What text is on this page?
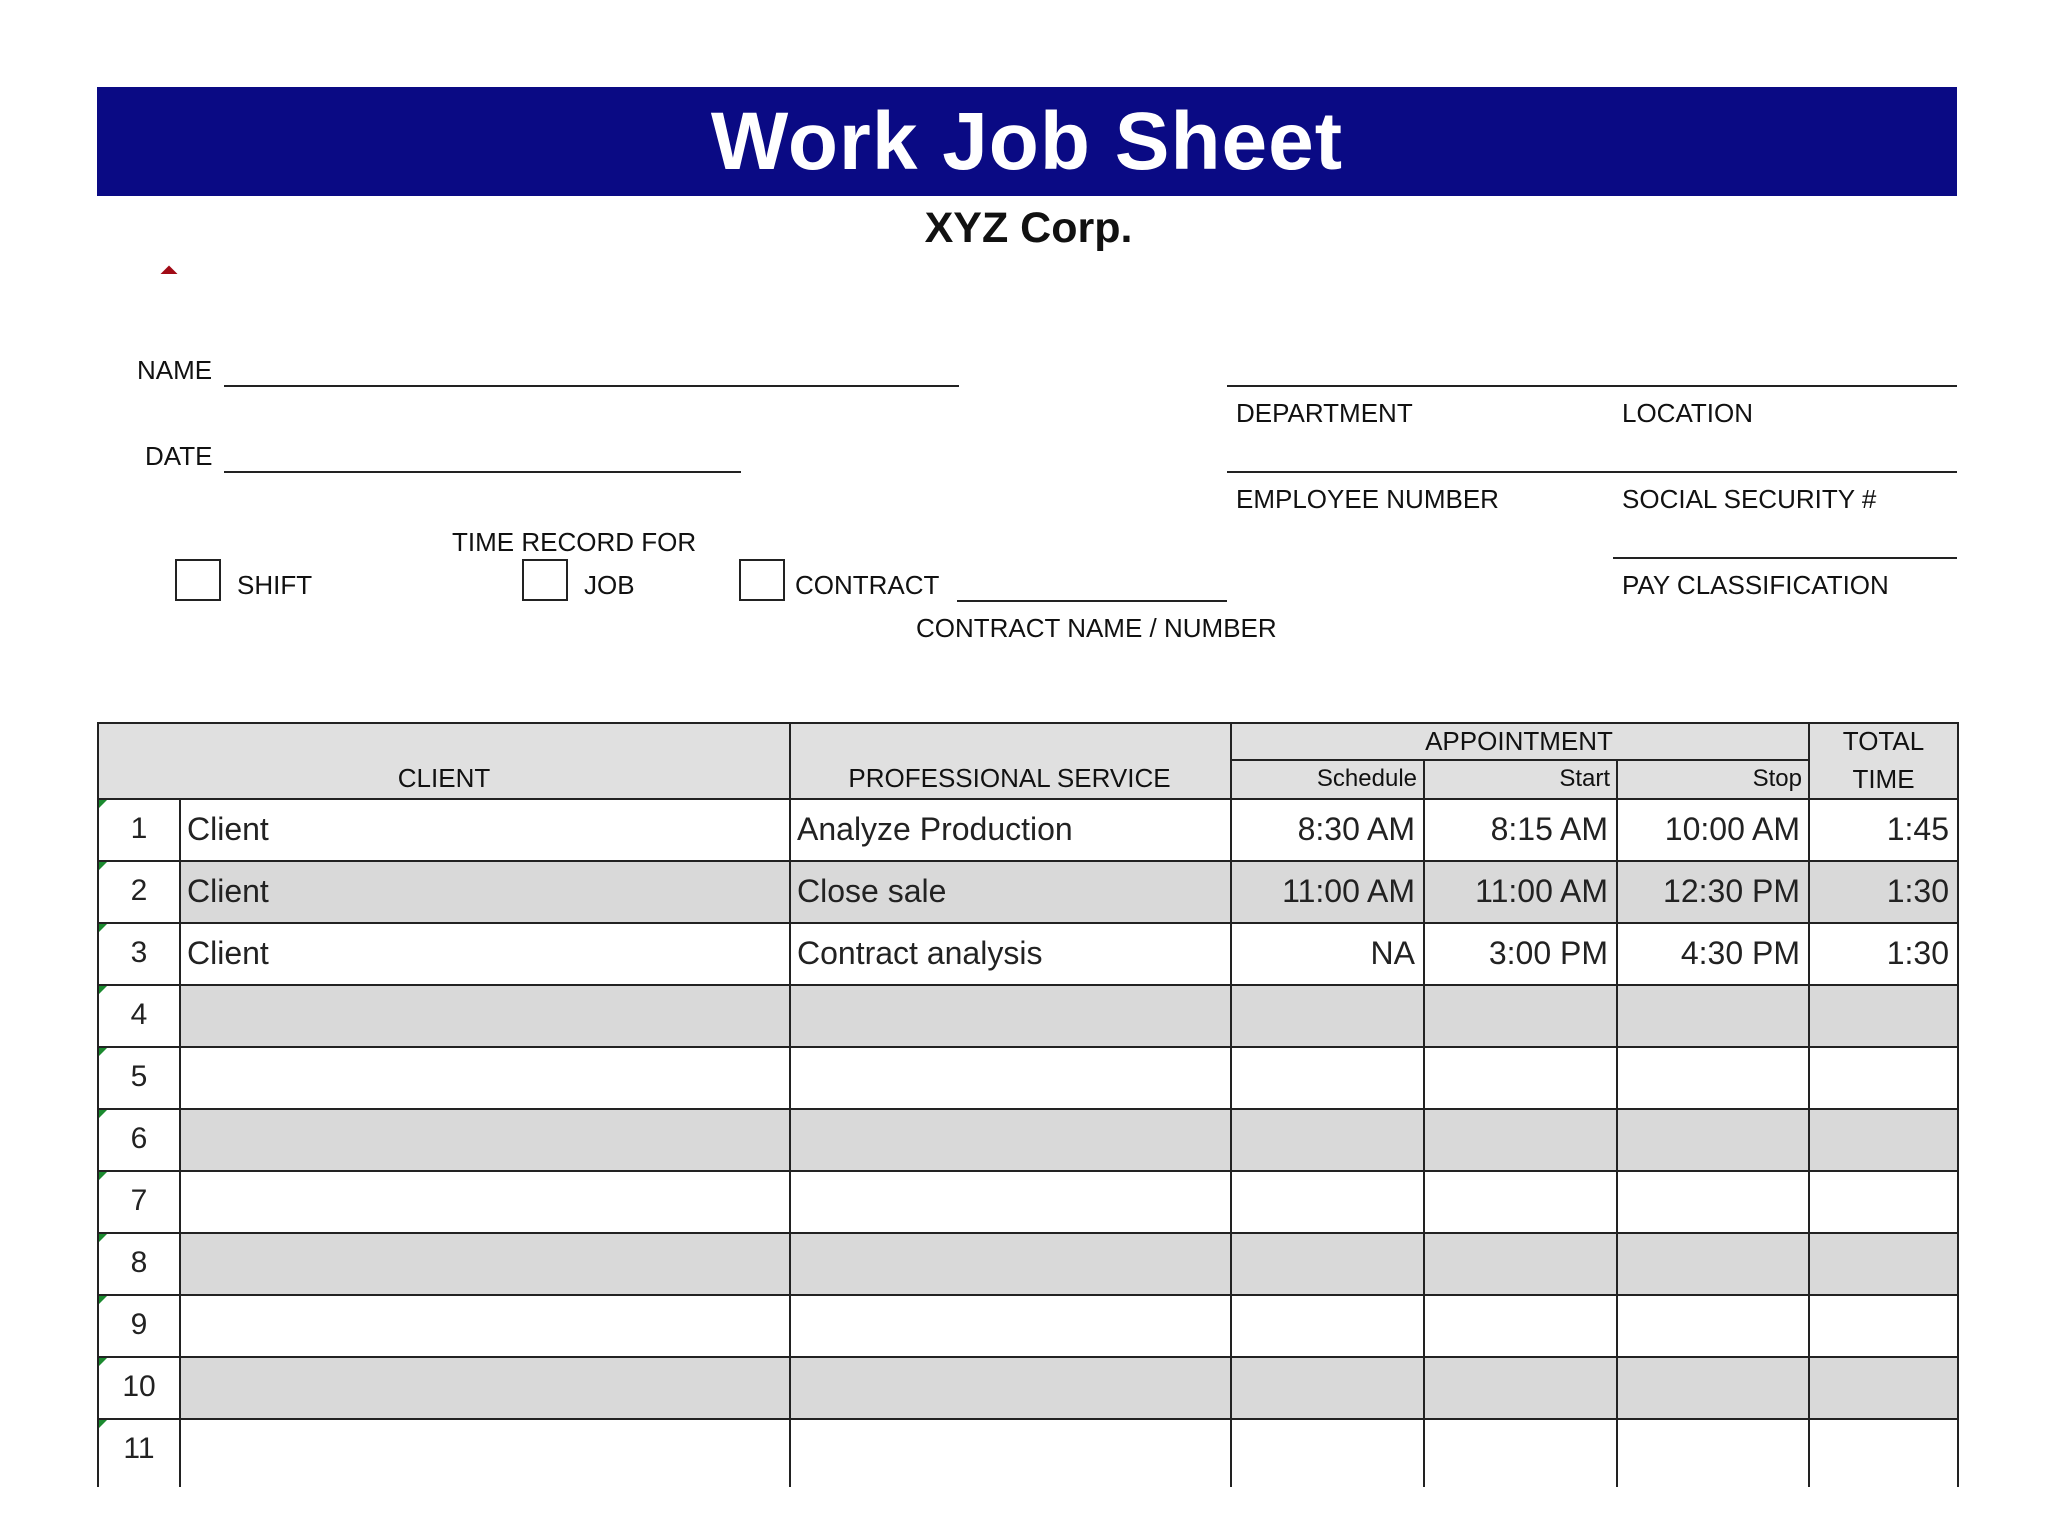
Work Job Sheet
XYZ Corp.
NAME
DATE
DEPARTMENT	LOCATION
EMPLOYEE NUMBER	SOCIAL SECURITY #
PAY CLASSIFICATION
TIME RECORD FOR
SHIFT	JOB	CONTRACT
CONTRACT NAME / NUMBER
CLIENT	PROFESSIONAL SERVICE
APPOINTMENT
Schedule	Start	Stop
TOTAL
TIME
1	Client	Analyze Production	8:30 AM	8:15 AM	10:00 AM	1:45
2	Client	Close sale	11:00 AM	11:00 AM	12:30 PM	1:30
3	Client	Contract analysis	NA	3:00 PM	4:30 PM	1:30
4
5
6
7
8
9
10
11
